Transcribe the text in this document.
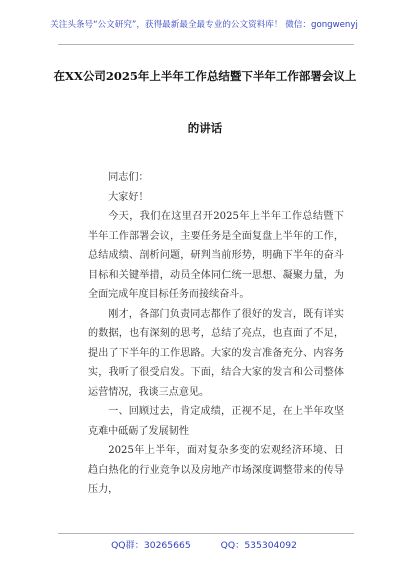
关注头条号“公文研究”，获得最新最全最专业的公文资料库！ 微信：gongwenyj
在XX公司2025年上半年工作总结暨下半年工作部署会议上
的讲话

同志们：

大家好！

今天，我们在这里召开2025年上半年工作总结暨下半年工作部署会议，主要任务是全面复盘上半年的工作，总结成绩、剖析问题，研判当前形势，明确下半年的奋斗目标和关键举措，动员全体同仁统一思想、凝聚力量，为全面完成年度目标任务而接续奋斗。

刚才，各部门负责同志都作了很好的发言，既有详实的数据，也有深刻的思考，总结了亮点，也直面了不足，提出了下半年的工作思路。大家的发言准备充分、内容务实，我听了很受启发。下面，结合大家的发言和公司整体运营情况，我谈三点意见。

一、回顾过去，肯定成绩，正视不足，在上半年攻坚克难中砥砺了发展韧性

2025年上半年，面对复杂多变的宏观经济环境、日趋白热化的行业竞争以及房地产市场深度调整带来的传导压力，

QQ群：30265665	QQ：535304092
